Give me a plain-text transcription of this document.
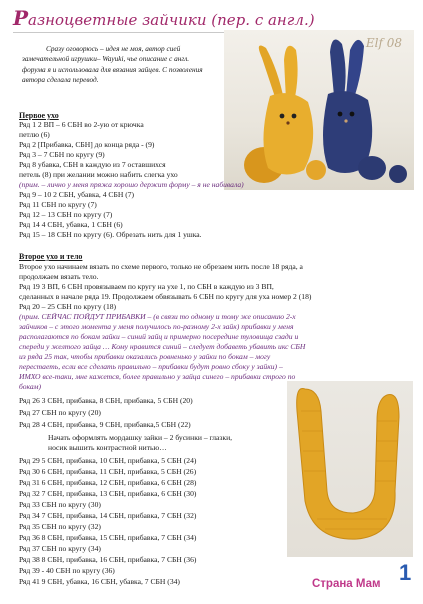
Разноцветные зайчики (пер. с англ.)
Сразу оговорюсь – идея не моя, автор сией замечательной игрушки– Wayuki, чье описание с англ. форума я и использовала для вязания зайцев. С позволения автора сделала перевод.
Elf 08
Первое ухо
Ряд 1 2 ВП – 6 СБН во 2-ую от крючка
петлю (6)
Ряд 2 [Прибавка, СБН] до конца ряда - (9)
Ряд 3 – 7 СБН по кругу (9)
Ряд 8 убавка, СБН в каждую из 7 оставшихся
петель (8) при желании можно набить слегка ухо
(прим. – лично у меня пряжа хорошо держит форму – я не набивала)
Ряд 9 – 10 2 СБН, убавка, 4 СБН (7)
Ряд 11 СБН по кругу (7)
Ряд 12 – 13 СБН по кругу (7)
Ряд 14 4 СБН, убавка, 1 СБН (6)
Ряд 15 – 18 СБН по кругу (6). Обрезать нить для 1 ушка.
Второе ухо и тело
Второе ухо начинаем вязать по схеме первого, только не обрезаем нить после 18 ряда, а
продолжаем вязать тело.
Ряд 19 3 ВП, 6 СБН провязываем по кругу на ухе 1, по СБН в каждую из 3 ВП,
сделанных в начале ряда 19. Продолжаем обвязывать 6 СБН по кругу для уха номер 2 (18)
Ряд 20 – 25 СБН по кругу (18)
(прим. СЕЙЧАС ПОЙДУТ ПРИБАВКИ – (в связи то одному и тому же описанию 2-х
зайчиков – с этого момента у меня получилось по-разному 2-х зайк) прибавки у меня
располагаются по бокам зайки – синий зайц и примерно посередине туловища сзади и
спереди у желтого зайца … Кому нравится синий – следует добаветь убавить икс СБН
из ряда 25 так, чтобы прибавки оказались ровненько у зайки по бокам – могу
перестаеть, если все сделать правильно – прибавки будут ровно сбоку у зайки) –
ИМХО все-таки, мне кажется, более правильно у зайца синего – прибавки строго по
бокам)
Ряд 26 3 СБН, прибавка, 8 СБН, прибавка, 5 СБН (20)
Ряд 27 СБН по кругу (20)
Ряд 28 4 СБН, прибавка, 9 СБН, прибавка,5 СБН (22)
Начать оформлять мордашку зайки – 2 бусинки – глазки,
носик вышить контрастной нитью…
Ряд 29 5 СБН, прибавка, 10 СБН, прибавка, 5 СБН (24)
Ряд 30 6 СБН, прибавка, 11 СБН, прибавка, 5 СБН (26)
Ряд 31 6 СБН, прибавка, 12 СБН, прибавка, 6 СБН (28)
Ряд 32 7 СБН, прибавка, 13 СБН, прибавка, 6 СБН (30)
Ряд 33 СБН по кругу (30)
Ряд 34 7 СБН, прибавка, 14 СБН, прибавка, 7 СБН (32)
Ряд 35 СБН по кругу (32)
Ряд 36 8 СБН, прибавка, 15 СБН, прибавка, 7 СБН (34)
Ряд 37 СБН по кругу (34)
Ряд 38 8 СБН, прибавка, 16 СБН, прибавка, 7 СБН (36)
Ряд 39 - 40 СБН по кругу (36)
Ряд 41 9 СБН, убавка, 16 СБН, убавка, 7 СБН (34)	1
Страна Мам
